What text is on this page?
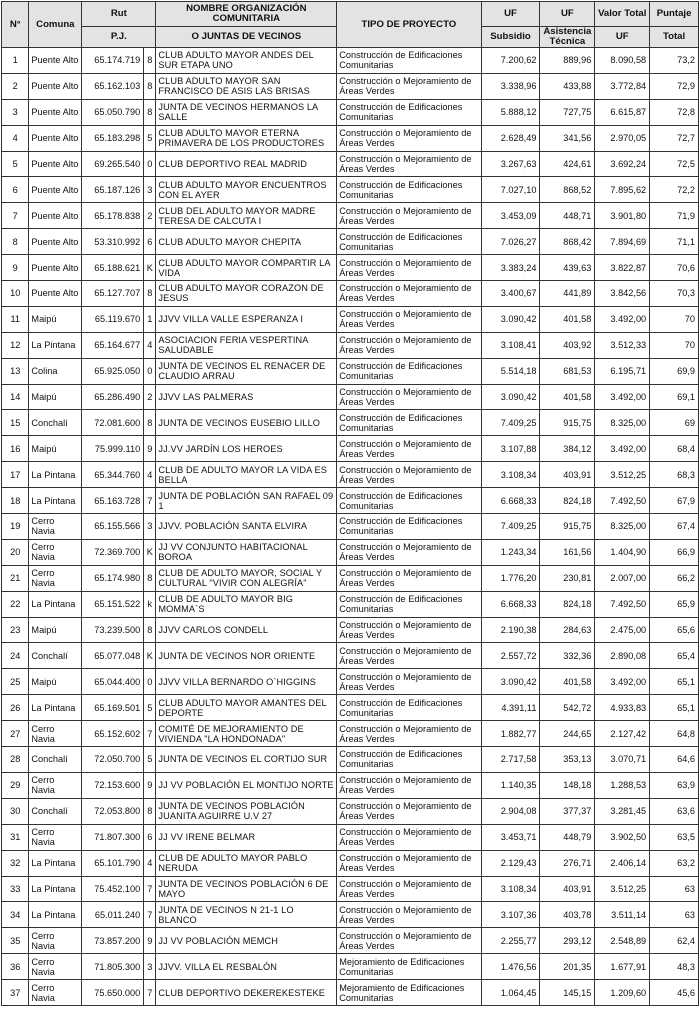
N°	Comuna	Rut		NOMBRE ORGANIZACIÓN COMUNITARIA	TIPO DE PROYECTO	UF	UF	Valor Total	Puntaje
		P.J.		O JUNTAS DE VECINOS		Subsidio	Asistencia Técnica	UF	Total
1	Puente Alto	65.174.719	8	CLUB ADULTO MAYOR ANDES DEL SUR ETAPA UNO	Construcción de Edificaciones Comunitarias	7.200,62	889,96	8.090,58	73,2
2	Puente Alto	65.162.103	8	CLUB ADULTO MAYOR SAN FRANCISCO DE ASIS LAS BRISAS	Construcción o Mejoramiento de Áreas Verdes	3.338,96	433,88	3.772,84	72,9
3	Puente Alto	65.050.790	8	JUNTA DE VECINOS HERMANOS LA SALLE	Construcción de Edificaciones Comunitarias	5.888,12	727,75	6.615,87	72,8
4	Puente Alto	65.183.298	5	CLUB ADULTO MAYOR ETERNA PRIMAVERA DE LOS PRODUCTORES	Construcción o Mejoramiento de Áreas Verdes	2.628,49	341,56	2.970,05	72,7
5	Puente Alto	69.265.540	0	CLUB DEPORTIVO REAL MADRID	Construcción o Mejoramiento de Áreas Verdes	3.267,63	424,61	3.692,24	72,5
6	Puente Alto	65.187.126	3	CLUB ADULTO MAYOR ENCUENTROS CON EL AYER	Construcción de Edificaciones Comunitarias	7.027,10	868,52	7.895,62	72,2
7	Puente Alto	65.178.838	2	CLUB DEL ADULTO MAYOR MADRE TERESA DE CALCUTA I	Construcción o Mejoramiento de Áreas Verdes	3.453,09	448,71	3.901,80	71,9
8	Puente Alto	53.310.992	6	CLUB ADULTO MAYOR CHEPITA	Construcción de Edificaciones Comunitarias	7.026,27	868,42	7.894,69	71,1
9	Puente Alto	65.188.621	K	CLUB ADULTO MAYOR COMPARTIR LA VIDA	Construcción o Mejoramiento de Áreas Verdes	3.383,24	439,63	3.822,87	70,6
10	Puente Alto	65.127.707	8	CLUB ADULTO MAYOR CORAZON DE JESUS	Construcción o Mejoramiento de Áreas Verdes	3.400,67	441,89	3.842,56	70,3
11	Maipú	65.119.670	1	JJVV VILLA VALLE ESPERANZA I	Construcción o Mejoramiento de Áreas Verdes	3.090,42	401,58	3.492,00	70
12	La Pintana	65.164.677	4	ASOCIACION FERIA VESPERTINA SALUDABLE	Construcción o Mejoramiento de Áreas Verdes	3.108,41	403,92	3.512,33	70
13	Colina	65.925.050	0	JUNTA DE VECINOS EL RENACER DE CLAUDIO ARRAU	Construcción de Edificaciones Comunitarias	5.514,18	681,53	6.195,71	69,9
14	Maipú	65.286.490	2	JJVV LAS PALMERAS	Construcción o Mejoramiento de Áreas Verdes	3.090,42	401,58	3.492,00	69,1
15	Conchalí	72.081.600	8	JUNTA DE VECINOS EUSEBIO LILLO	Construcción de Edificaciones Comunitarias	7.409,25	915,75	8.325,00	69
16	Maipú	75.999.110	9	JJ.VV JARDÍN LOS HEROES	Construcción o Mejoramiento de Áreas Verdes	3.107,88	384,12	3.492,00	68,4
17	La Pintana	65.344.760	4	CLUB DE ADULTO MAYOR LA VIDA ES BELLA	Construcción o Mejoramiento de Áreas Verdes	3.108,34	403,91	3.512,25	68,3
18	La Pintana	65.163.728	7	JUNTA DE POBLACIÓN SAN RAFAEL 09 1	Construcción de Edificaciones Comunitarias	6.668,33	824,18	7.492,50	67,9
19	Cerro Navia	65.155.566	3	JJVV. POBLACIÓN SANTA ELVIRA	Construcción de Edificaciones Comunitarias	7.409,25	915,75	8.325,00	67,4
20	Cerro Navia	72.369.700	K	JJ VV CONJUNTO HABITACIONAL BOROA	Construcción o Mejoramiento de Áreas Verdes	1.243,34	161,56	1.404,90	66,9
21	Cerro Navia	65.174.980	8	CLUB DE ADULTO MAYOR, SOCIAL Y CULTURAL "VIVIR CON ALEGRÍA"	Construcción o Mejoramiento de Áreas Verdes	1.776,20	230,81	2.007,00	66,2
22	La Pintana	65.151.522	k	CLUB DE ADULTO MAYOR BIG MOMMA`S	Construcción de Edificaciones Comunitarias	6.668,33	824,18	7.492,50	65,9
23	Maipú	73.239.500	8	JJVV CARLOS CONDELL	Construcción o Mejoramiento de Áreas Verdes	2.190,38	284,63	2.475,00	65,6
24	Conchalí	65.077.048	K	JUNTA DE VECINOS NOR ORIENTE	Construcción o Mejoramiento de Áreas Verdes	2.557,72	332,36	2.890,08	65,4
25	Maipú	65.044.400	0	JJVV VILLA BERNARDO O`HIGGINS	Construcción o Mejoramiento de Áreas Verdes	3.090,42	401,58	3.492,00	65,1
26	La Pintana	65.169.501	5	CLUB ADULTO MAYOR AMANTES DEL DEPORTE	Construcción de Edificaciones Comunitarias	4.391,11	542,72	4.933,83	65,1
27	Cerro Navia	65.152.602	7	COMITÉ DE MEJORAMIENTO DE VIVIENDA "LA HONDONADA"	Construcción o Mejoramiento de Áreas Verdes	1.882,77	244,65	2.127,42	64,8
28	Conchalí	72.050.700	5	JUNTA DE VECINOS EL CORTIJO SUR	Construcción de Edificaciones Comunitarias	2.717,58	353,13	3.070,71	64,6
29	Cerro Navia	72.153.600	9	JJ VV POBLACIÓN EL MONTIJO NORTE	Construcción o Mejoramiento de Áreas Verdes	1.140,35	148,18	1.288,53	63,9
30	Conchalí	72.053.800	8	JUNTA DE VECINOS POBLACIÓN JUANITA AGUIRRE U.V 27	Construcción o Mejoramiento de Áreas Verdes	2.904,08	377,37	3.281,45	63,6
31	Cerro Navia	71.807.300	6	JJ VV IRENE BELMAR	Construcción o Mejoramiento de Áreas Verdes	3.453,71	448,79	3.902,50	63,5
32	La Pintana	65.101.790	4	CLUB DE ADULTO MAYOR PABLO NERUDA	Construcción o Mejoramiento de Áreas Verdes	2.129,43	276,71	2.406,14	63,2
33	La Pintana	75.452.100	7	JUNTA DE VECINOS POBLACIÓN 6 DE MAYO	Construcción o Mejoramiento de Áreas Verdes	3.108,34	403,91	3.512,25	63
34	La Pintana	65.011.240	7	JUNTA DE VECINOS N 21-1 LO BLANCO	Construcción o Mejoramiento de Áreas Verdes	3.107,36	403,78	3.511,14	63
35	Cerro Navia	73.857.200	9	JJ VV POBLACIÓN MEMCH	Construcción o Mejoramiento de Áreas Verdes	2.255,77	293,12	2.548,89	62,4
36	Cerro Navia	71.805.300	3	JJVV. VILLA EL RESBALÓN	Mejoramiento de Edificaciones Comunitarias	1.476,56	201,35	1.677,91	48,3
37	Cerro Navia	75.650.000	7	CLUB DEPORTIVO DEKEREKESTEKE	Mejoramiento de Edificaciones Comunitarias	1.064,45	145,15	1.209,60	45,6
